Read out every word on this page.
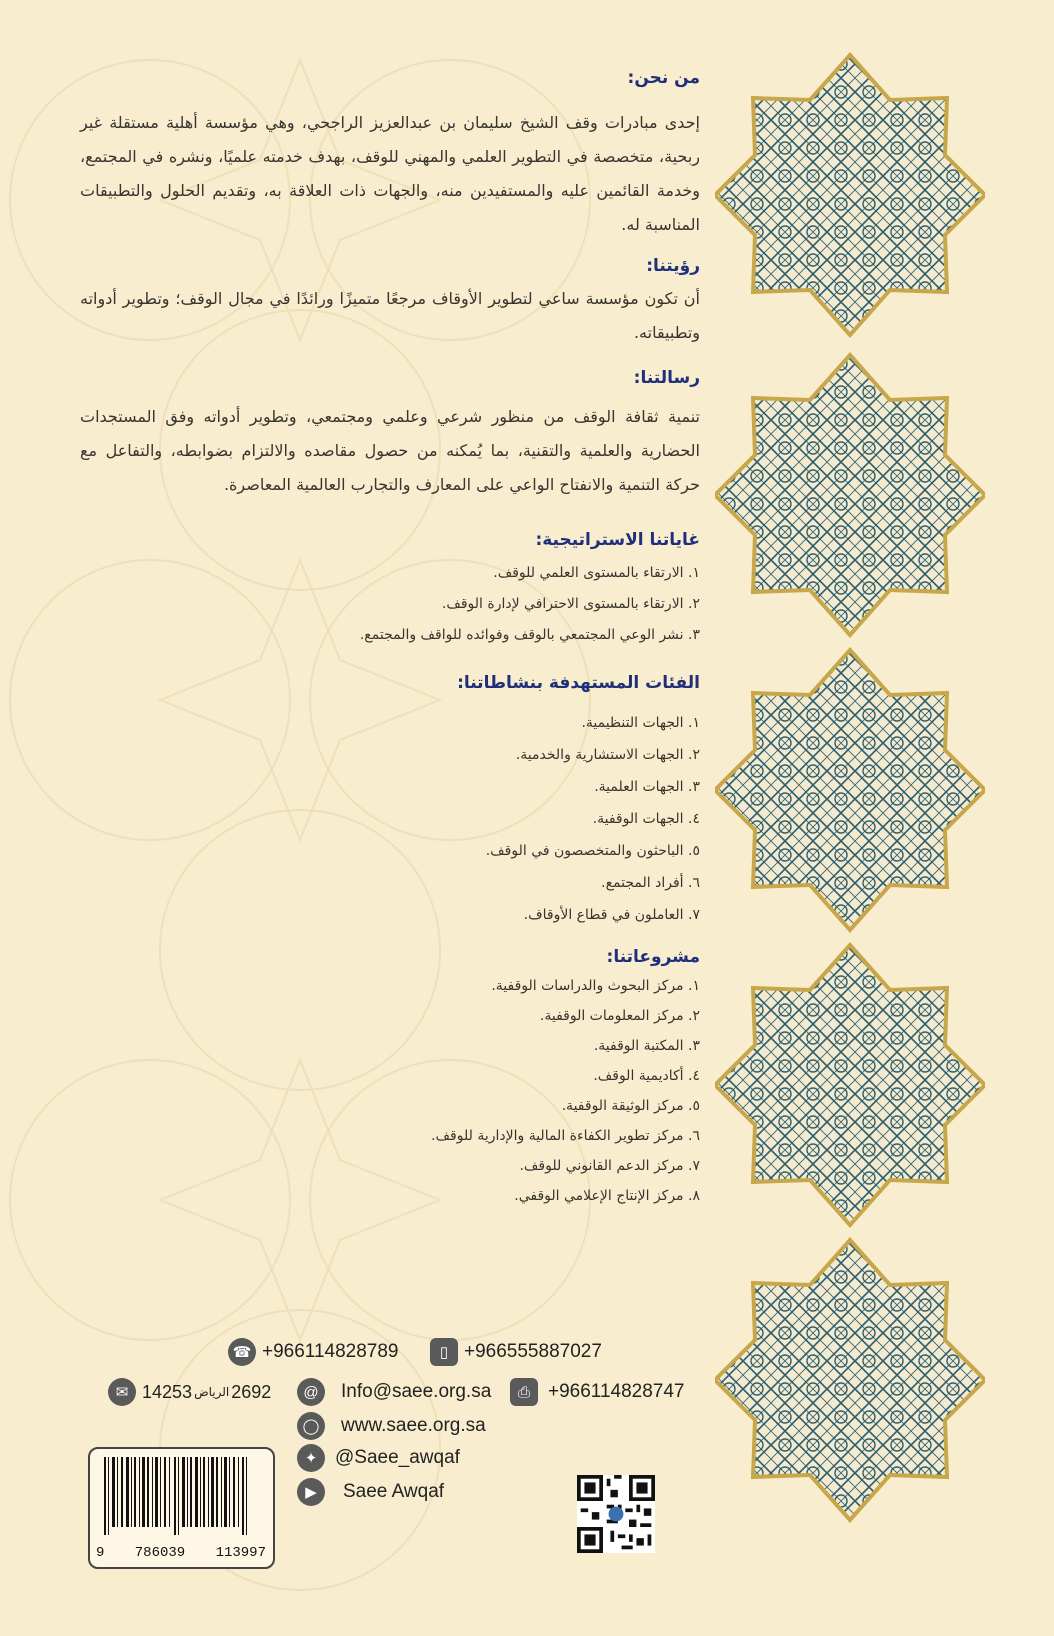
من نحن:

إحدى مبادرات وقف الشيخ سليمان بن عبدالعزيز الراجحي، وهي مؤسسة أهلية مستقلة غير ربحية، متخصصة في التطوير العلمي والمهني للوقف، بهدف خدمته علميًا، ونشره في المجتمع، وخدمة القائمين عليه والمستفيدين منه، والجهات ذات العلاقة به، وتقديم الحلول والتطبيقات المناسبة له.

رؤيتنا:

أن تكون مؤسسة ساعي لتطوير الأوقاف مرجعًا متميزًا ورائدًا في مجال الوقف؛ وتطوير أدواته وتطبيقاته.

رسالتنا:

تنمية ثقافة الوقف من منظور شرعي وعلمي ومجتمعي، وتطوير أدواته وفق المستجدات الحضارية والعلمية والتقنية، بما يُمكنه من حصول مقاصده والالتزام بضوابطه، والتفاعل مع حركة التنمية والانفتاح الواعي على المعارف والتجارب العالمية المعاصرة.

غاياتنا الاستراتيجية:
١. الارتقاء بالمستوى العلمي للوقف.
٢. الارتقاء بالمستوى الاحترافي لإدارة الوقف.
٣. نشر الوعي المجتمعي بالوقف وفوائده للواقف والمجتمع.
الفئات المستهدفة بنشاطاتنا:
١. الجهات التنظيمية.
٢. الجهات الاستشارية والخدمية.
٣. الجهات العلمية.
٤. الجهات الوقفية.
٥. الباحثون والمتخصصون في الوقف.
٦. أفراد المجتمع.
٧. العاملون في قطاع الأوقاف.
مشروعاتنا:
١. مركز البحوث والدراسات الوقفية.
٢. مركز المعلومات الوقفية.
٣. المكتبة الوقفية.
٤. أكاديمية الوقف.
٥. مركز الوثيقة الوقفية.
٦. مركز تطوير الكفاءة المالية والإدارية للوقف.
٧. مركز الدعم القانوني للوقف.
٨. مركز الإنتاج الإعلامي الوقفي.
☎ +966114828789	▯ +966555887027
✉ 14253 الرياض 2692	@	Info@saee.org.sa	⎙ +966114828747
◯ www.saee.org.sa
✦ @Saee_awqaf
▶	Saee Awqaf
9 786039 113997
